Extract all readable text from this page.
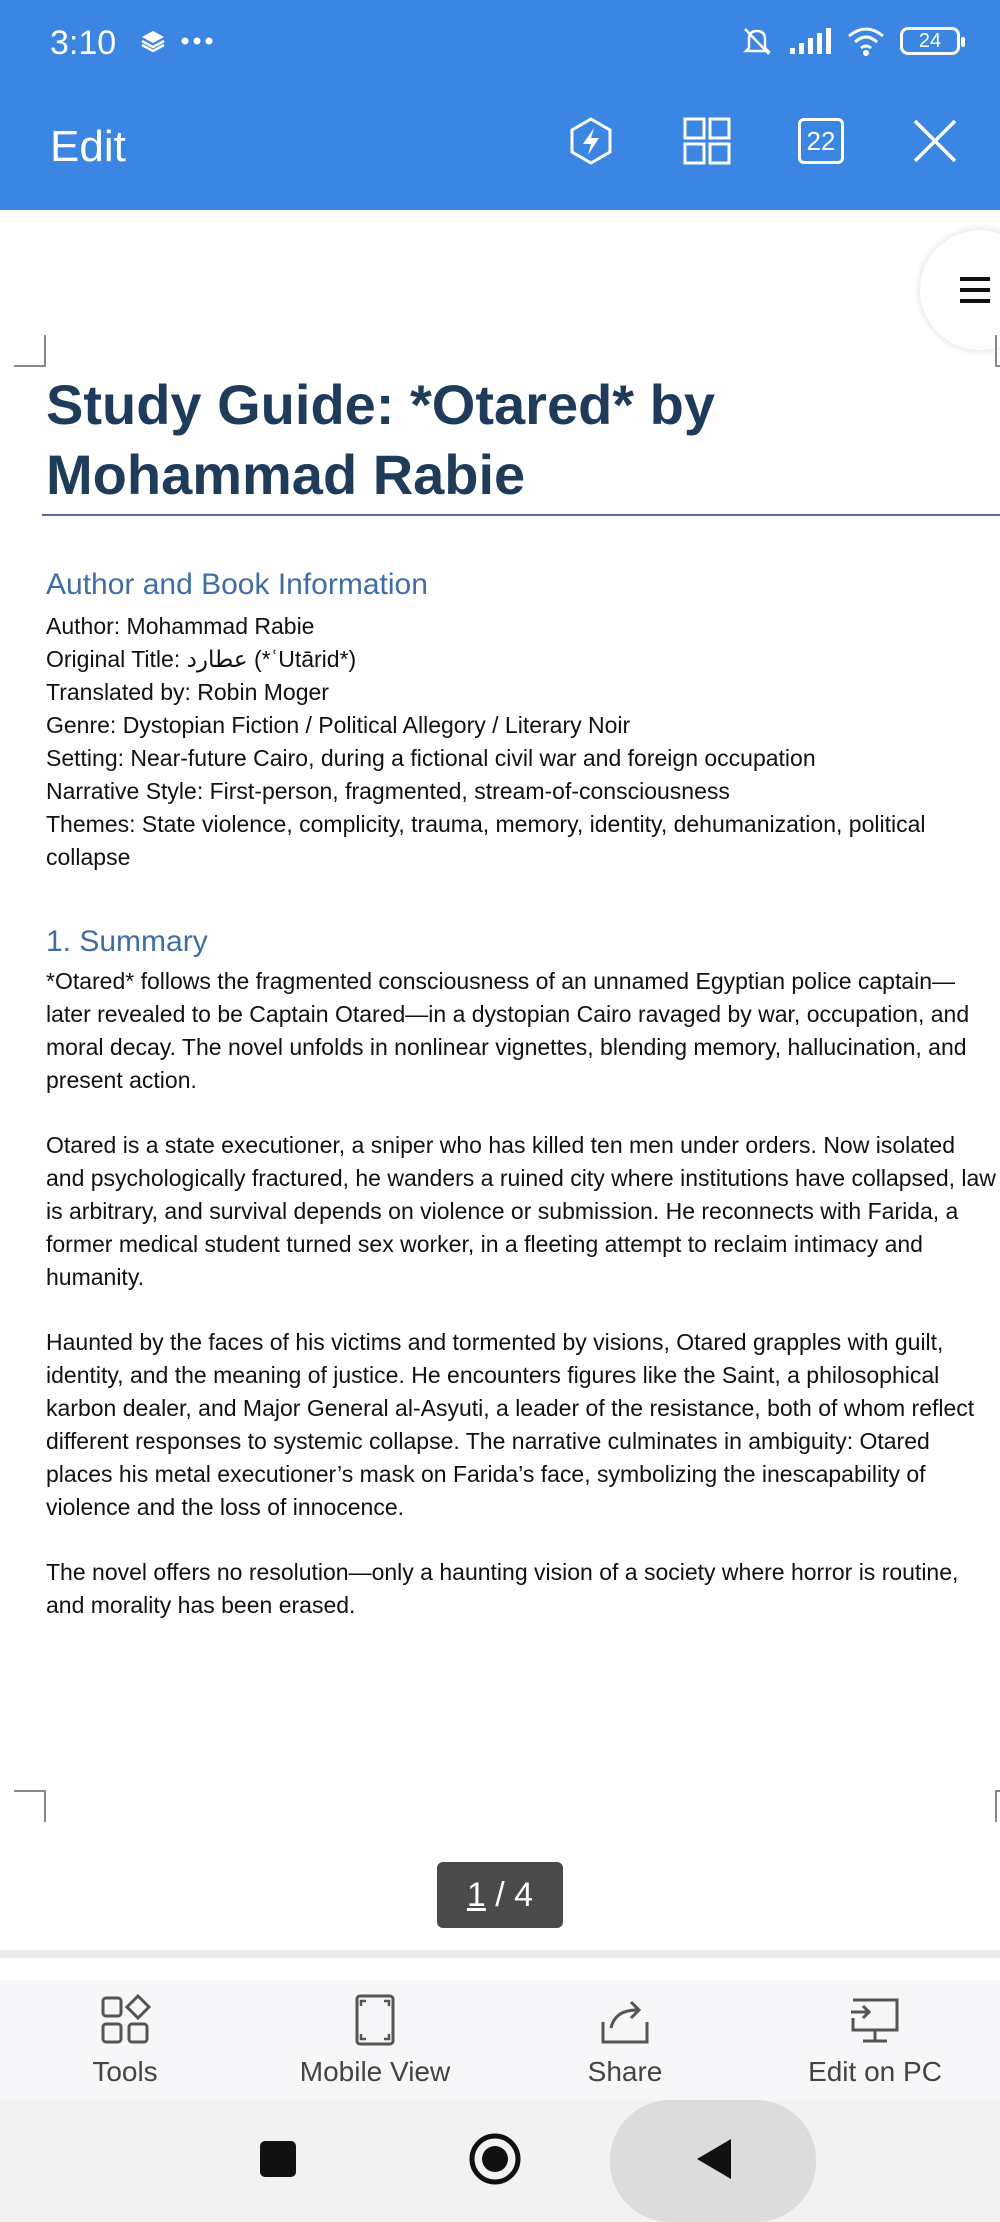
3:10	24
Edit	22
Study Guide: *Otared* by Mohammad Rabie
Author and Book Information

Author: Mohammad Rabie

Original Title: عطارد (*ʿUtārid*)

Translated by: Robin Moger

Genre: Dystopian Fiction / Political Allegory / Literary Noir

Setting: Near-future Cairo, during a fictional civil war and foreign occupation

Narrative Style: First-person, fragmented, stream-of-consciousness

Themes: State violence, complicity, trauma, memory, identity, dehumanization, political collapse

1. Summary

*Otared* follows the fragmented consciousness of an unnamed Egyptian police captain—later revealed to be Captain Otared—in a dystopian Cairo ravaged by war, occupation, and moral decay. The novel unfolds in nonlinear vignettes, blending memory, hallucination, and present action.

Otared is a state executioner, a sniper who has killed ten men under orders. Now isolated and psychologically fractured, he wanders a ruined city where institutions have collapsed, law is arbitrary, and survival depends on violence or submission. He reconnects with Farida, a former medical student turned sex worker, in a fleeting attempt to reclaim intimacy and humanity.

Haunted by the faces of his victims and tormented by visions, Otared grapples with guilt, identity, and the meaning of justice. He encounters figures like the Saint, a philosophical karbon dealer, and Major General al-Asyuti, a leader of the resistance, both of whom reflect different responses to systemic collapse. The narrative culminates in ambiguity: Otared places his metal executioner’s mask on Farida’s face, symbolizing the inescapability of violence and the loss of innocence.

The novel offers no resolution—only a haunting vision of a society where horror is routine, and morality has been erased.

1 / 4
Tools	Mobile View	Share	Edit on PC
